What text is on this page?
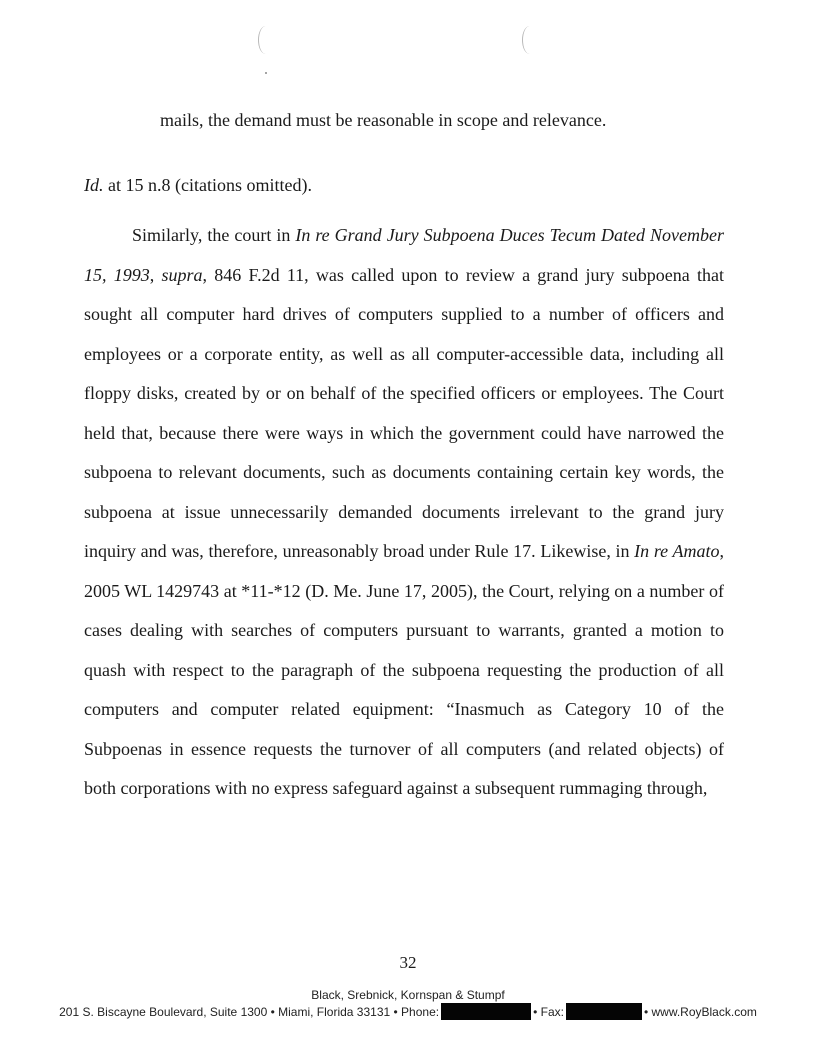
mails, the demand must be reasonable in scope and relevance.
Id. at 15 n.8 (citations omitted).
Similarly, the court in In re Grand Jury Subpoena Duces Tecum Dated November 15, 1993, supra, 846 F.2d 11, was called upon to review a grand jury subpoena that sought all computer hard drives of computers supplied to a number of officers and employees or a corporate entity, as well as all computer-accessible data, including all floppy disks, created by or on behalf of the specified officers or employees. The Court held that, because there were ways in which the government could have narrowed the subpoena to relevant documents, such as documents containing certain key words, the subpoena at issue unnecessarily demanded documents irrelevant to the grand jury inquiry and was, therefore, unreasonably broad under Rule 17. Likewise, in In re Amato, 2005 WL 1429743 at *11-*12 (D. Me. June 17, 2005), the Court, relying on a number of cases dealing with searches of computers pursuant to warrants, granted a motion to quash with respect to the paragraph of the subpoena requesting the production of all computers and computer related equipment: “Inasmuch as Category 10 of the Subpoenas in essence requests the turnover of all computers (and related objects) of both corporations with no express safeguard against a subsequent rummaging through,
32
Black, Srebnick, Kornspan & Stumpf
201 S. Biscayne Boulevard, Suite 1300 • Miami, Florida 33131 • Phone:	• Fax:	• www.RoyBlack.com
